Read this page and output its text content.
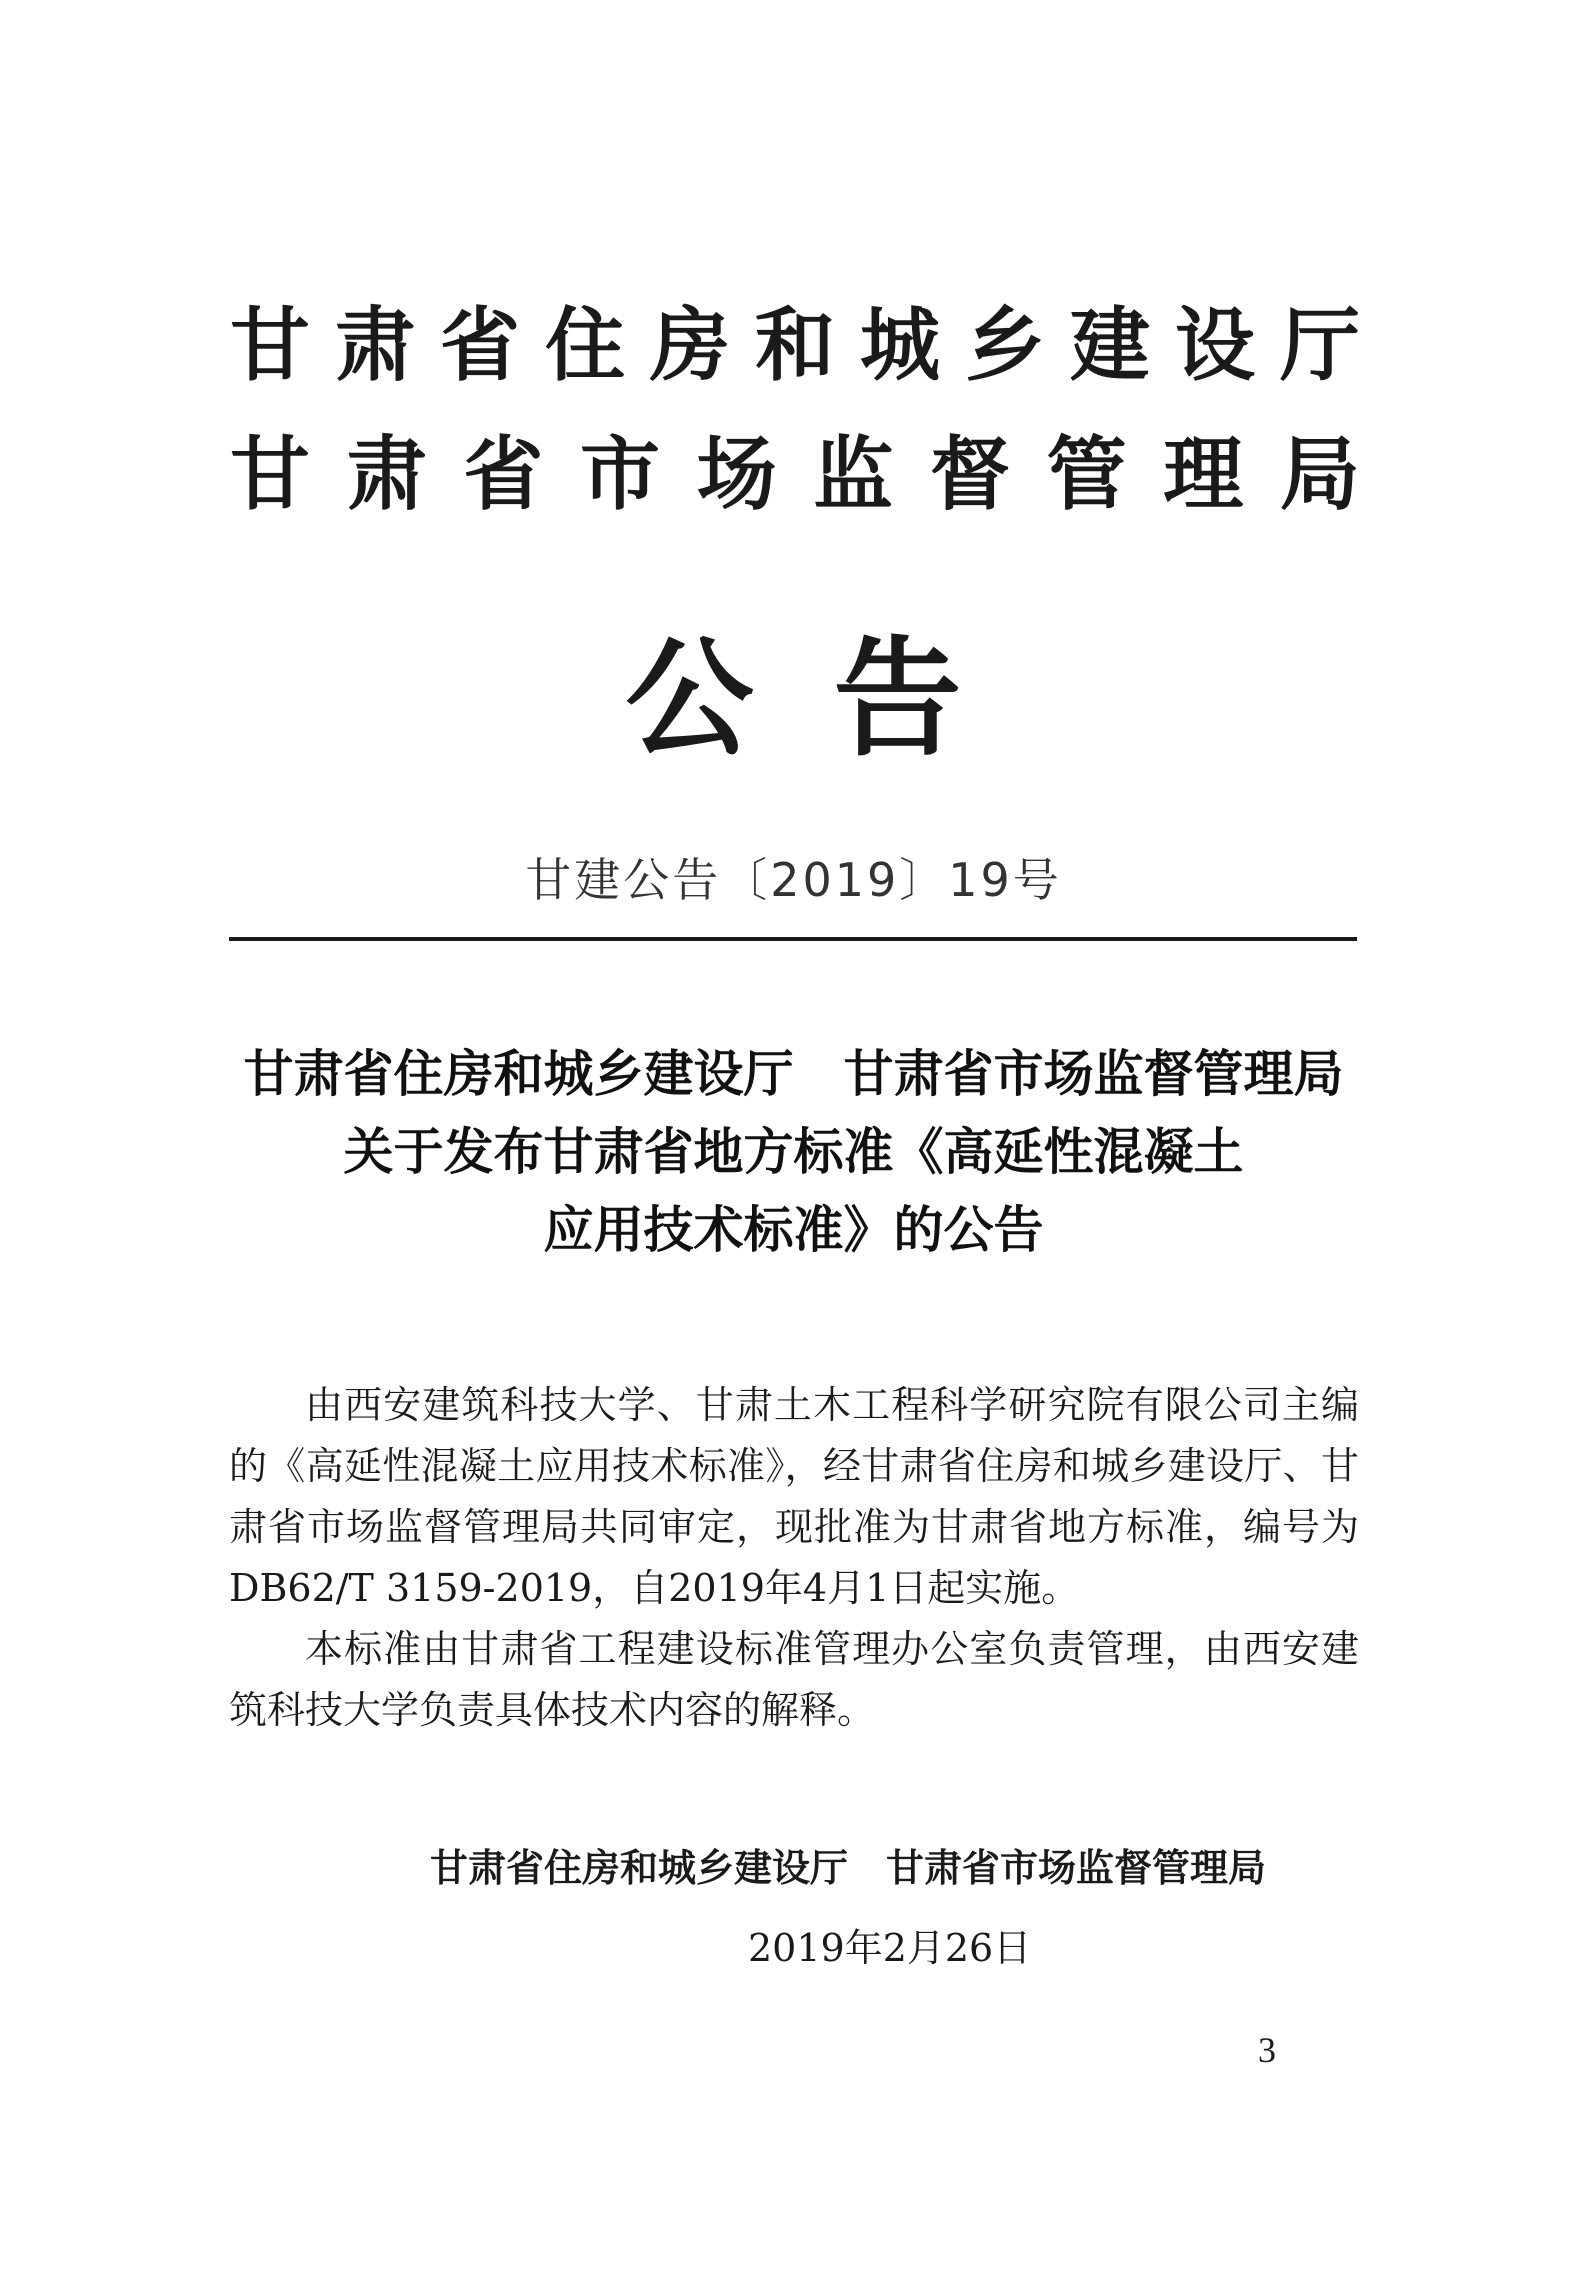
甘 肃 省 住 房 和 城 乡 建 设 厅
甘 肃 省 市 场 监 督 管 理 局
公告
甘建公告〔2019〕19号
甘肃省住房和城乡建设厅　甘肃省市场监督管理局
关于发布甘肃省地方标准《高延性混凝土
应用技术标准》的公告

由西安建筑科技大学、甘肃土木工程科学研究院有限公司主编的《高延性混凝土应用技术标准》，经甘肃省住房和城乡建设厅、甘肃省市场监督管理局共同审定，现批准为甘肃省地方标准，编号为DB62/T 3159-2019，自2019年4月1日起实施。

本标准由甘肃省工程建设标准管理办公室负责管理，由西安建筑科技大学负责具体技术内容的解释。

甘肃省住房和城乡建设厅　甘肃省市场监督管理局
2019年2月26日
3
